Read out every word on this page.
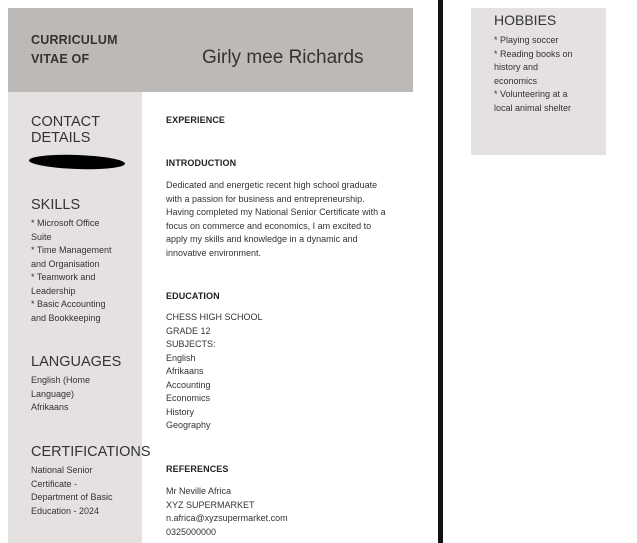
CURRICULUM
VITAE OF	Girly mee Richards
CONTACT
DETAILS
SKILLS
* Microsoft Office
Suite
* Time Management
and Organisation
* Teamwork and
Leadership
* Basic Accounting
and Bookkeeping
LANGUAGES
English (Home
Language)
Afrikaans
CERTIFICATIONS
National Senior
Certificate -
Department of Basic
Education - 2024
EXPERIENCE
INTRODUCTION
Dedicated and energetic recent high school graduate
with a passion for business and entrepreneurship.
Having completed my National Senior Certificate with a
focus on commerce and economics, I am excited to
apply my skills and knowledge in a dynamic and
innovative environment.
EDUCATION
CHESS HIGH SCHOOL
GRADE 12
SUBJECTS:
English
Afrikaans
Accounting
Economics
History
Geography
REFERENCES
Mr Neville Africa
XYZ SUPERMARKET
n.africa@xyzsupermarket.com
0325000000
HOBBIES
* Playing soccer
* Reading books on
history and
economics
* Volunteering at a
local animal shelter
